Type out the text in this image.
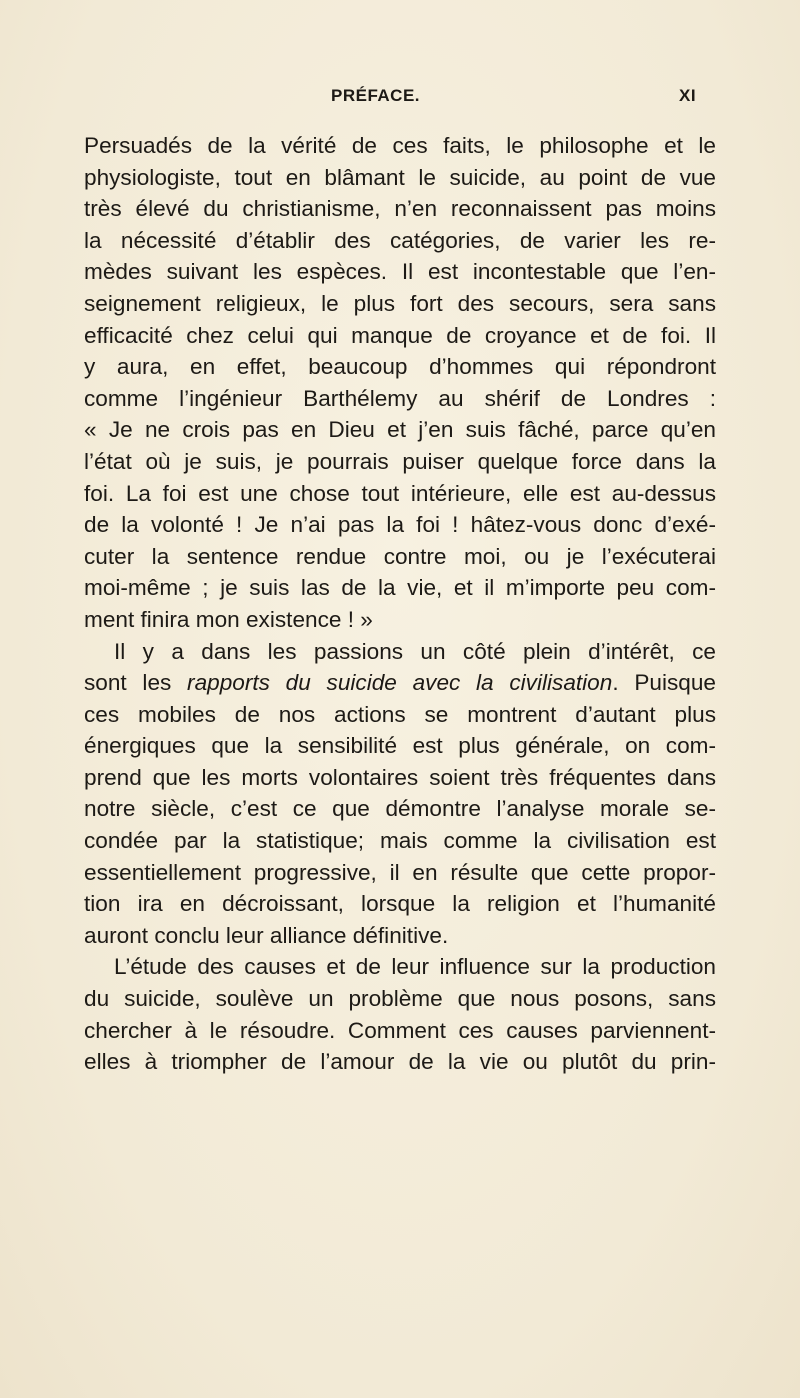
PRÉFACE.	XI
Persuadés de la vérité de ces faits, le philosophe et le
physiologiste, tout en blâmant le suicide, au point de vue
très élevé du christianisme, n’en reconnaissent pas moins
la nécessité d’établir des catégories, de varier les re-
mèdes suivant les espèces. Il est incontestable que l’en-
seignement religieux, le plus fort des secours, sera sans
efficacité chez celui qui manque de croyance et de foi. Il
y aura, en effet, beaucoup d’hommes qui répondront
comme l’ingénieur Barthélemy au shérif de Londres :
« Je ne crois pas en Dieu et j’en suis fâché, parce qu’en
l’état où je suis, je pourrais puiser quelque force dans la
foi. La foi est une chose tout intérieure, elle est au-dessus
de la volonté ! Je n’ai pas la foi ! hâtez-vous donc d’exé-
cuter la sentence rendue contre moi, ou je l’exécuterai
moi-même ; je suis las de la vie, et il m’importe peu com-
ment finira mon existence ! »
Il y a dans les passions un côté plein d’intérêt, ce
sont les rapports du suicide avec la civilisation. Puisque
ces mobiles de nos actions se montrent d’autant plus
énergiques que la sensibilité est plus générale, on com-
prend que les morts volontaires soient très fréquentes dans
notre siècle, c’est ce que démontre l’analyse morale se-
condée par la statistique; mais comme la civilisation est
essentiellement progressive, il en résulte que cette propor-
tion ira en décroissant, lorsque la religion et l’humanité
auront conclu leur alliance définitive.
L’étude des causes et de leur influence sur la production
du suicide, soulève un problème que nous posons, sans
chercher à le résoudre. Comment ces causes parviennent-
elles à triompher de l’amour de la vie ou plutôt du prin-
